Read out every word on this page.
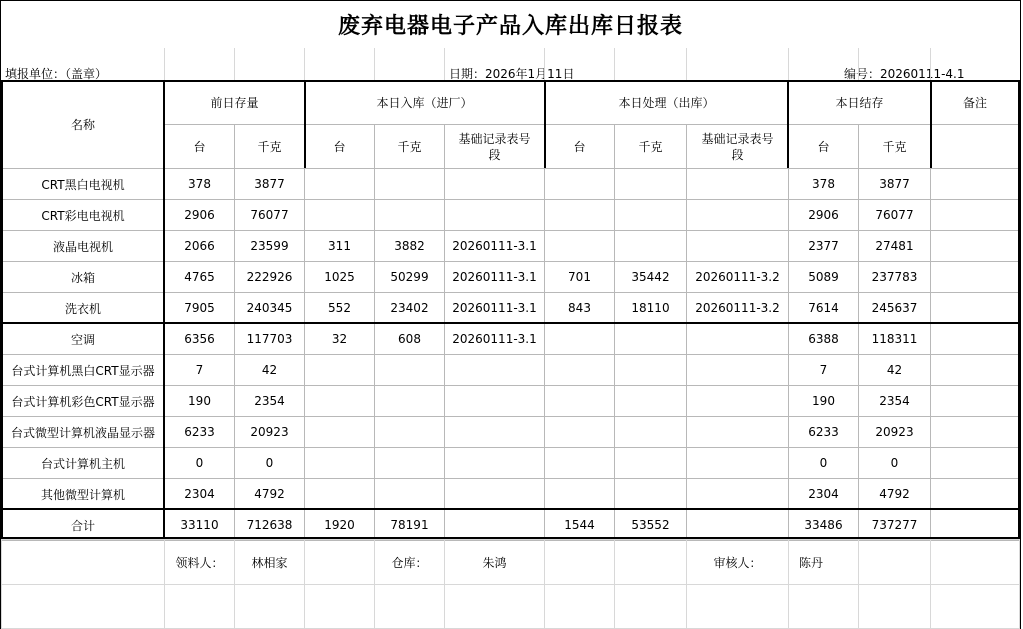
废弃电器电子产品入库出库日报表
填报单位：（盖章）	日期：2026年1月11日	编号：20260111-4.1
名称	前日存量		本日入库（进厂）			本日处理（出库）			本日结存		备注
	台	千克	台	千克	基础记录表号段	台	千克	基础记录表号段	台	千克	
CRT黑白电视机	378	3877							378	3877	
CRT彩电电视机	2906	76077							2906	76077	
液晶电视机	2066	23599	311	3882	20260111-3.1				2377	27481	
冰箱	4765	222926	1025	50299	20260111-3.1	701	35442	20260111-3.2	5089	237783	
洗衣机	7905	240345	552	23402	20260111-3.1	843	18110	20260111-3.2	7614	245637	
空调	6356	117703	32	608	20260111-3.1				6388	118311	
台式计算机黑白CRT显示器	7	42							7	42	
台式计算机彩色CRT显示器	190	2354							190	2354	
台式微型计算机液晶显示器	6233	20923							6233	20923	
台式计算机主机	0	0							0	0	
其他微型计算机	2304	4792							2304	4792	
合计	33110	712638	1920	78191		1544	53552		33486	737277	
	领料人：	林相家		仓库：	朱鸿			审核人：	陈丹		
